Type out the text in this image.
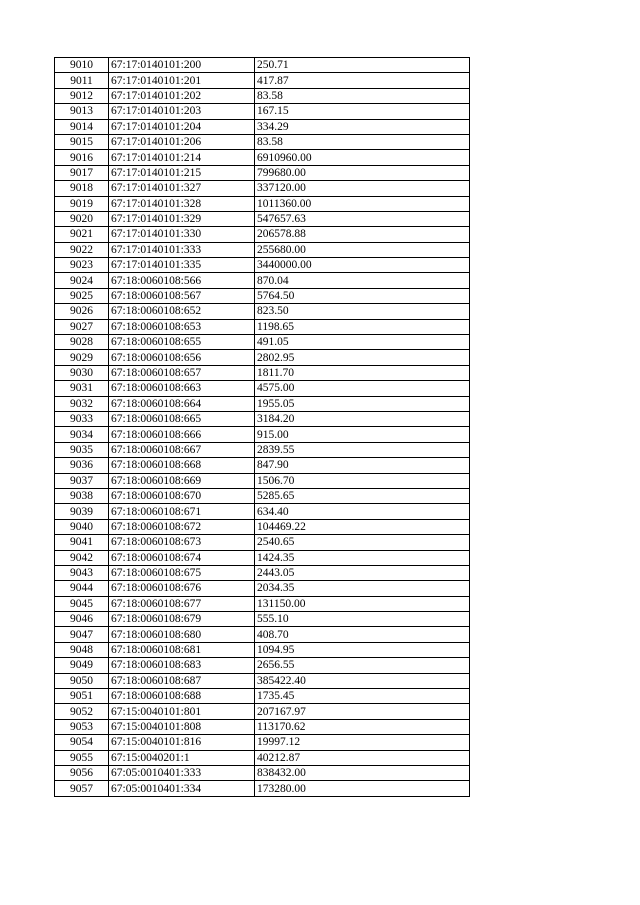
9010	67:17:0140101:200	250.71
9011	67:17:0140101:201	417.87
9012	67:17:0140101:202	83.58
9013	67:17:0140101:203	167.15
9014	67:17:0140101:204	334.29
9015	67:17:0140101:206	83.58
9016	67:17:0140101:214	6910960.00
9017	67:17:0140101:215	799680.00
9018	67:17:0140101:327	337120.00
9019	67:17:0140101:328	1011360.00
9020	67:17:0140101:329	547657.63
9021	67:17:0140101:330	206578.88
9022	67:17:0140101:333	255680.00
9023	67:17:0140101:335	3440000.00
9024	67:18:0060108:566	870.04
9025	67:18:0060108:567	5764.50
9026	67:18:0060108:652	823.50
9027	67:18:0060108:653	1198.65
9028	67:18:0060108:655	491.05
9029	67:18:0060108:656	2802.95
9030	67:18:0060108:657	1811.70
9031	67:18:0060108:663	4575.00
9032	67:18:0060108:664	1955.05
9033	67:18:0060108:665	3184.20
9034	67:18:0060108:666	915.00
9035	67:18:0060108:667	2839.55
9036	67:18:0060108:668	847.90
9037	67:18:0060108:669	1506.70
9038	67:18:0060108:670	5285.65
9039	67:18:0060108:671	634.40
9040	67:18:0060108:672	104469.22
9041	67:18:0060108:673	2540.65
9042	67:18:0060108:674	1424.35
9043	67:18:0060108:675	2443.05
9044	67:18:0060108:676	2034.35
9045	67:18:0060108:677	131150.00
9046	67:18:0060108:679	555.10
9047	67:18:0060108:680	408.70
9048	67:18:0060108:681	1094.95
9049	67:18:0060108:683	2656.55
9050	67:18:0060108:687	385422.40
9051	67:18:0060108:688	1735.45
9052	67:15:0040101:801	207167.97
9053	67:15:0040101:808	113170.62
9054	67:15:0040101:816	19997.12
9055	67:15:0040201:1	40212.87
9056	67:05:0010401:333	838432.00
9057	67:05:0010401:334	173280.00
